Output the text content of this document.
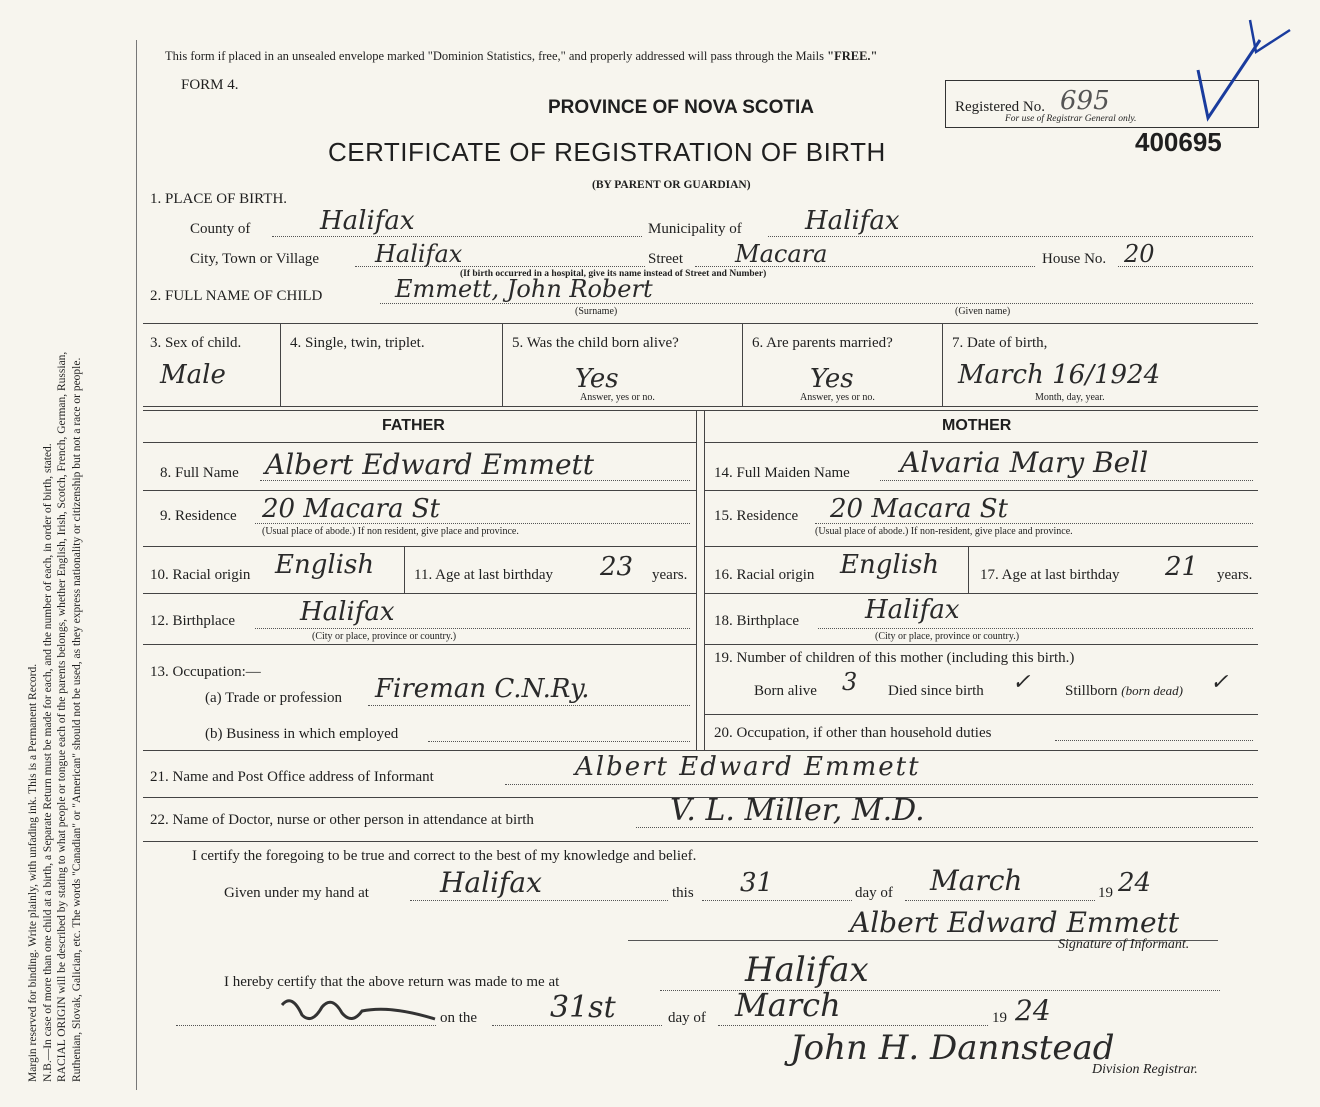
Margin reserved for binding. Write plainly, with unfading ink. This is a Permanent Record. N.B.—In case of more than one child at a birth, a Separate Return must be made for each, and the number of each, in order of birth, stated. RACIAL ORIGIN will be described by stating to what people or tongue each of the parents belongs, whether English, Irish, Scotch, French, German, Russian, Ruthenian, Slovak, Galician, etc. The words "Canadian" or "American" should not be used, as they express nationality or citizenship but not a race or people.
This form if placed in an unsealed envelope marked "Dominion Statistics, free," and properly addressed will pass through the Mails "FREE."
FORM 4.
PROVINCE OF NOVA SCOTIA
CERTIFICATE OF REGISTRATION OF BIRTH
(BY PARENT OR GUARDIAN)
Registered No. 695
For use of Registrar General only.
400695
1. PLACE OF BIRTH.
County of	Halifax	Municipality of Halifax
City, Town or Village Halifax	Street Macara	House No. 20
(If birth occurred in a hospital, give its name instead of Street and Number)
2. FULL NAME OF CHILD	Emmett, John Robert
(Surname)	(Given name)
3. Sex of child.
Male
4. Single, twin, triplet.	5. Was the child born alive?
Yes
Answer, yes or no.
6. Are parents married?
Yes
Answer, yes or no.
7. Date of birth,
March 16/1924
Month, day, year.
FATHER
8. Full Name Albert Edward Emmett
9. Residence 20 Macara St
(Usual place of abode.) If non resident, give place and province.
10. Racial origin English	11. Age at last birthday 23 years.
12. Birthplace	Halifax
(City or place, province or country.)
13. Occupation:—
(a) Trade or profession Fireman C.N.Ry.
(b) Business in which employed
MOTHER
14. Full Maiden Name Alvaria Mary Bell
15. Residence 20 Macara St
(Usual place of abode.) If non-resident, give place and province.
16. Racial origin English	17. Age at last birthday 21 years.
18. Birthplace	Halifax
(City or place, province or country.)
19. Number of children of this mother (including this birth.)
Born alive 3 Died since birth ✓ Stillborn (born dead) ✓
20. Occupation, if other than household duties
21. Name and Post Office address of Informant	Albert Edward Emmett
22. Name of Doctor, nurse or other person in attendance at birth	V. L. Miller, M.D.
I certify the foregoing to be true and correct to the best of my knowledge and belief.
Given under my hand at	Halifax	this 31	day of March	19 24
Albert Edward Emmett
Signature of Informant.
I hereby certify that the above return was made to me at	Halifax
on the 31st	day of March	19 24
John H. Dannstead
Division Registrar.
